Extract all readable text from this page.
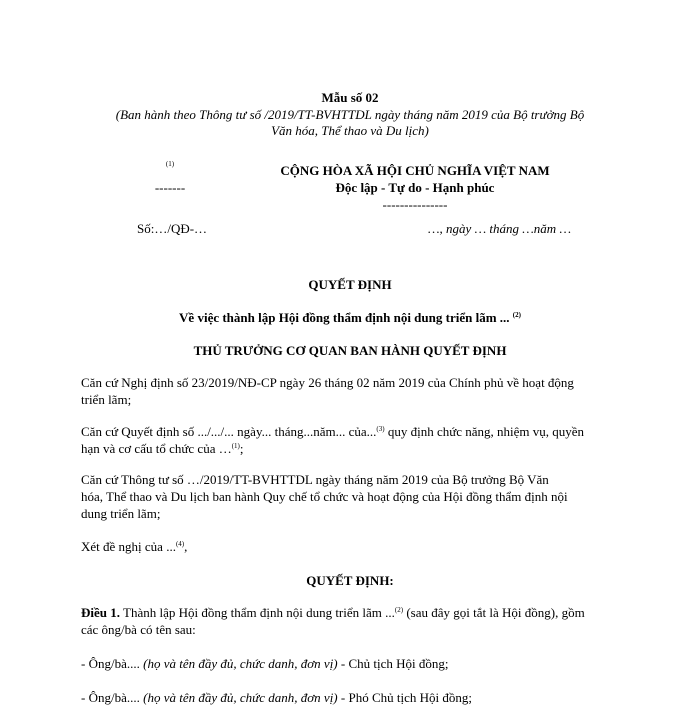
Mẫu số 02
(Ban hành theo Thông tư số /2019/TT-BVHTTDL ngày tháng năm 2019 của Bộ trưởng Bộ
Văn hóa, Thể thao và Du lịch)
(1)
-------
CỘNG HÒA XÃ HỘI CHỦ NGHĨA VIỆT NAM
Độc lập - Tự do - Hạnh phúc
---------------
Số:…/QĐ-…	…, ngày … tháng …năm …
QUYẾT ĐỊNH
Về việc thành lập Hội đồng thẩm định nội dung triển lãm ... $^{(2)}$
THỦ TRƯỞNG CƠ QUAN BAN HÀNH QUYẾT ĐỊNH
Căn cứ Nghị định số 23/2019/NĐ-CP ngày 26 tháng 02 năm 2019 của Chính phủ về hoạt động
triển lãm;
Căn cứ Quyết định số .../.../... ngày... tháng...năm... của...$^{(3)}$ quy định chức năng, nhiệm vụ, quyền
hạn và cơ cấu tổ chức của …$^{(1)}$;
Căn cứ Thông tư số …/2019/TT-BVHTTDL ngày tháng năm 2019 của Bộ trưởng Bộ Văn
hóa, Thể thao và Du lịch ban hành Quy chế tổ chức và hoạt động của Hội đồng thẩm định nội
dung triển lãm;
Xét đề nghị của ...$^{(4)}$,
QUYẾT ĐỊNH:
Điều 1. Thành lập Hội đồng thẩm định nội dung triển lãm ...$^{(2)}$ (sau đây gọi tắt là Hội đồng), gồm
các ông/bà có tên sau:
- Ông/bà.... (họ và tên đầy đủ, chức danh, đơn vị) - Chủ tịch Hội đồng;
- Ông/bà.... (họ và tên đầy đủ, chức danh, đơn vị) - Phó Chủ tịch Hội đồng;
